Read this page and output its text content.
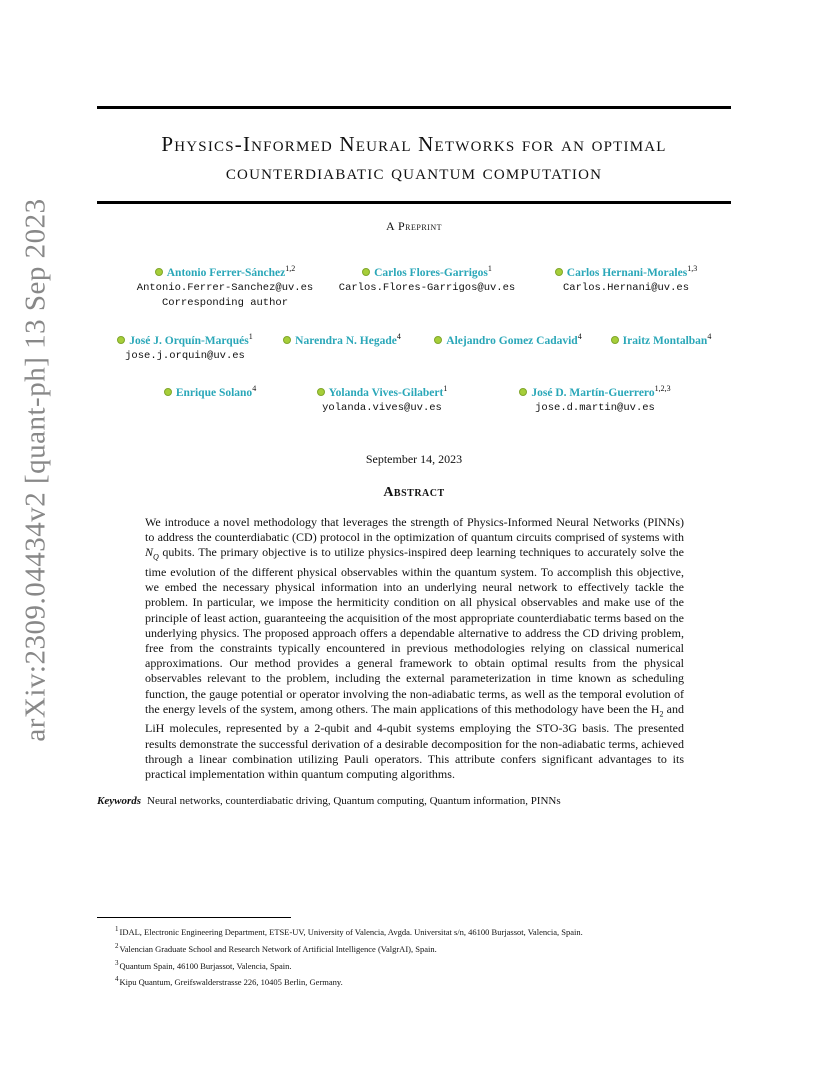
arXiv:2309.04434v2 [quant-ph] 13 Sep 2023
Physics-Informed Neural Networks for an optimal
counterdiabatic quantum computation
A Preprint
Antonio Ferrer-Sánchez$^{1,2}$
Antonio.Ferrer-Sanchez@uv.es
Corresponding author
Carlos Flores-Garrigos$^1$
Carlos.Flores-Garrigos@uv.es
Carlos Hernani-Morales$^{1,3}$
Carlos.Hernani@uv.es
José J. Orquín-Marqués$^1$
jose.j.orquin@uv.es
Narendra N. Hegade$^4$	Alejandro Gomez Cadavid$^4$	Iraitz Montalban$^4$
Enrique Solano$^4$	Yolanda Vives-Gilabert$^1$
yolanda.vives@uv.es
José D. Martín-Guerrero$^{1,2,3}$
jose.d.martin@uv.es
September 14, 2023
Abstract
We introduce a novel methodology that leverages the strength of Physics-Informed Neural Networks (PINNs) to address the counterdiabatic (CD) protocol in the optimization of quantum circuits comprised of systems with $N_Q$ qubits. The primary objective is to utilize physics-inspired deep learning techniques to accurately solve the time evolution of the different physical observables within the quantum system. To accomplish this objective, we embed the necessary physical information into an underlying neural network to effectively tackle the problem. In particular, we impose the hermiticity condition on all physical observables and make use of the principle of least action, guaranteeing the acquisition of the most appropriate counterdiabatic terms based on the underlying physics. The proposed approach offers a dependable alternative to address the CD driving problem, free from the constraints typically encountered in previous methodologies relying on classical numerical approximations. Our method provides a general framework to obtain optimal results from the physical observables relevant to the problem, including the external parameterization in time known as scheduling function, the gauge potential or operator involving the non-adiabatic terms, as well as the temporal evolution of the energy levels of the system, among others. The main applications of this methodology have been the $H_2$ and LiH molecules, represented by a 2-qubit and 4-qubit systems employing the STO-3G basis. The presented results demonstrate the successful derivation of a desirable decomposition for the non-adiabatic terms, achieved through a linear combination utilizing Pauli operators. This attribute confers significant advantages to its practical implementation within quantum computing algorithms.
Keywords Neural networks, counterdiabatic driving, Quantum computing, Quantum information, PINNs
$^1$IDAL, Electronic Engineering Department, ETSE-UV, University of Valencia, Avgda. Universitat s/n, 46100 Burjassot, Valencia, Spain.
$^2$Valencian Graduate School and Research Network of Artificial Intelligence (ValgrAI), Spain.
$^3$Quantum Spain, 46100 Burjassot, Valencia, Spain.
$^4$Kipu Quantum, Greifswalderstrasse 226, 10405 Berlin, Germany.
